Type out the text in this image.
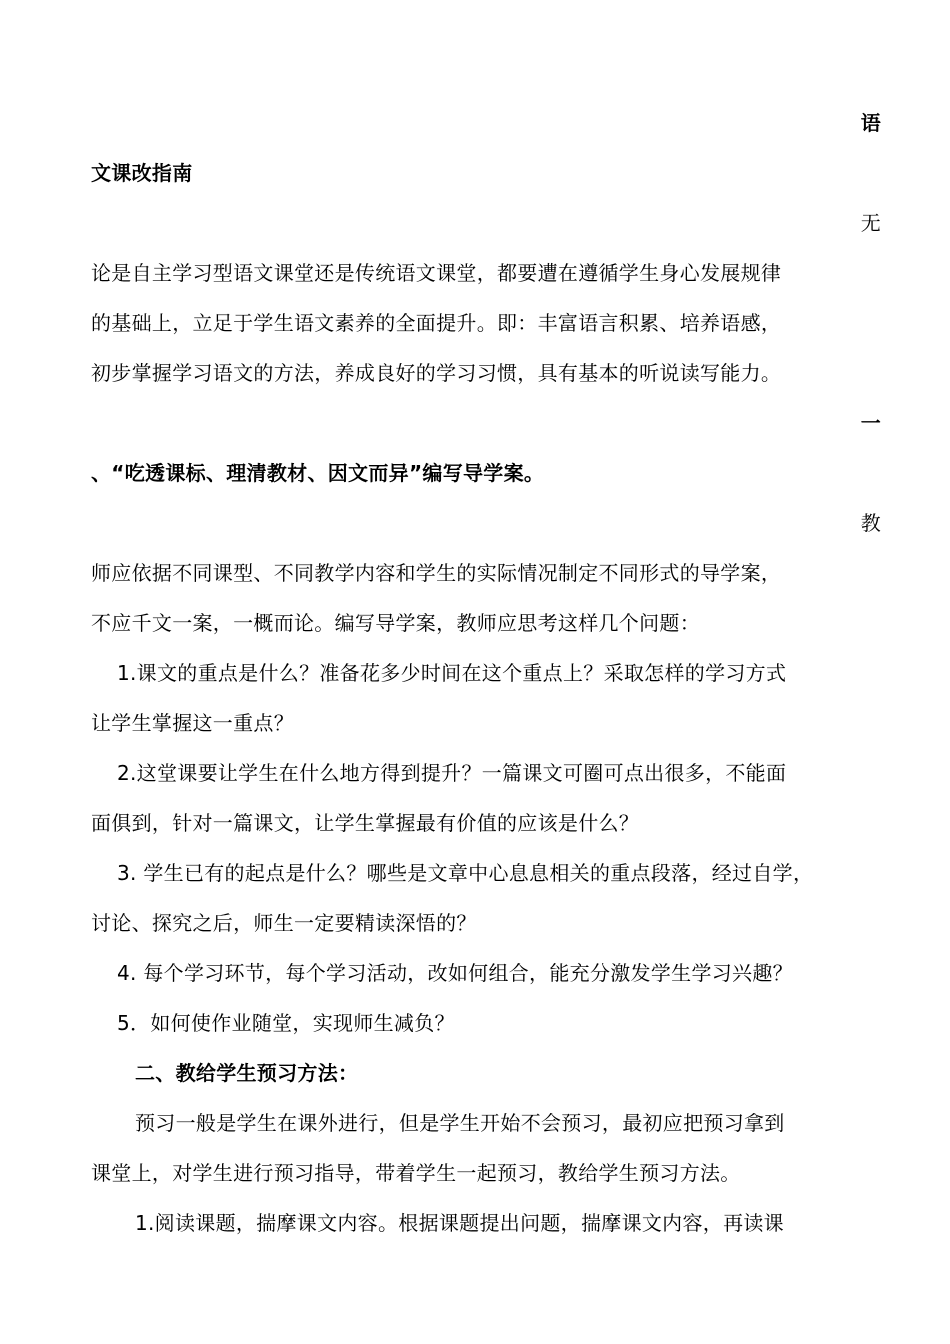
语
文课改指南
无
论是自主学习型语文课堂还是传统语文课堂，都要遭在遵循学生身心发展规律
的基础上，立足于学生语文素养的全面提升。即：丰富语言积累、培养语感，
初步掌握学习语文的方法，养成良好的学习习惯，具有基本的听说读写能力。
一
、“吃透课标、理清教材、因文而异”编写导学案。
教
师应依据不同课型、不同教学内容和学生的实际情况制定不同形式的导学案，
不应千文一案，一概而论。编写导学案，教师应思考这样几个问题：
1.课文的重点是什么？准备花多少时间在这个重点上？采取怎样的学习方式
让学生掌握这一重点？
2.这堂课要让学生在什么地方得到提升？一篇课文可圈可点出很多，不能面
面俱到，针对一篇课文，让学生掌握最有价值的应该是什么？
3. 学生已有的起点是什么？哪些是文章中心息息相关的重点段落，经过自学，
讨论、探究之后，师生一定要精读深悟的？
4. 每个学习环节，每个学习活动，改如何组合，能充分激发学生学习兴趣？
5．如何使作业随堂，实现师生减负？
二、教给学生预习方法：
预习一般是学生在课外进行，但是学生开始不会预习，最初应把预习拿到
课堂上，对学生进行预习指导，带着学生一起预习，教给学生预习方法。
1.阅读课题，揣摩课文内容。根据课题提出问题，揣摩课文内容，再读课
